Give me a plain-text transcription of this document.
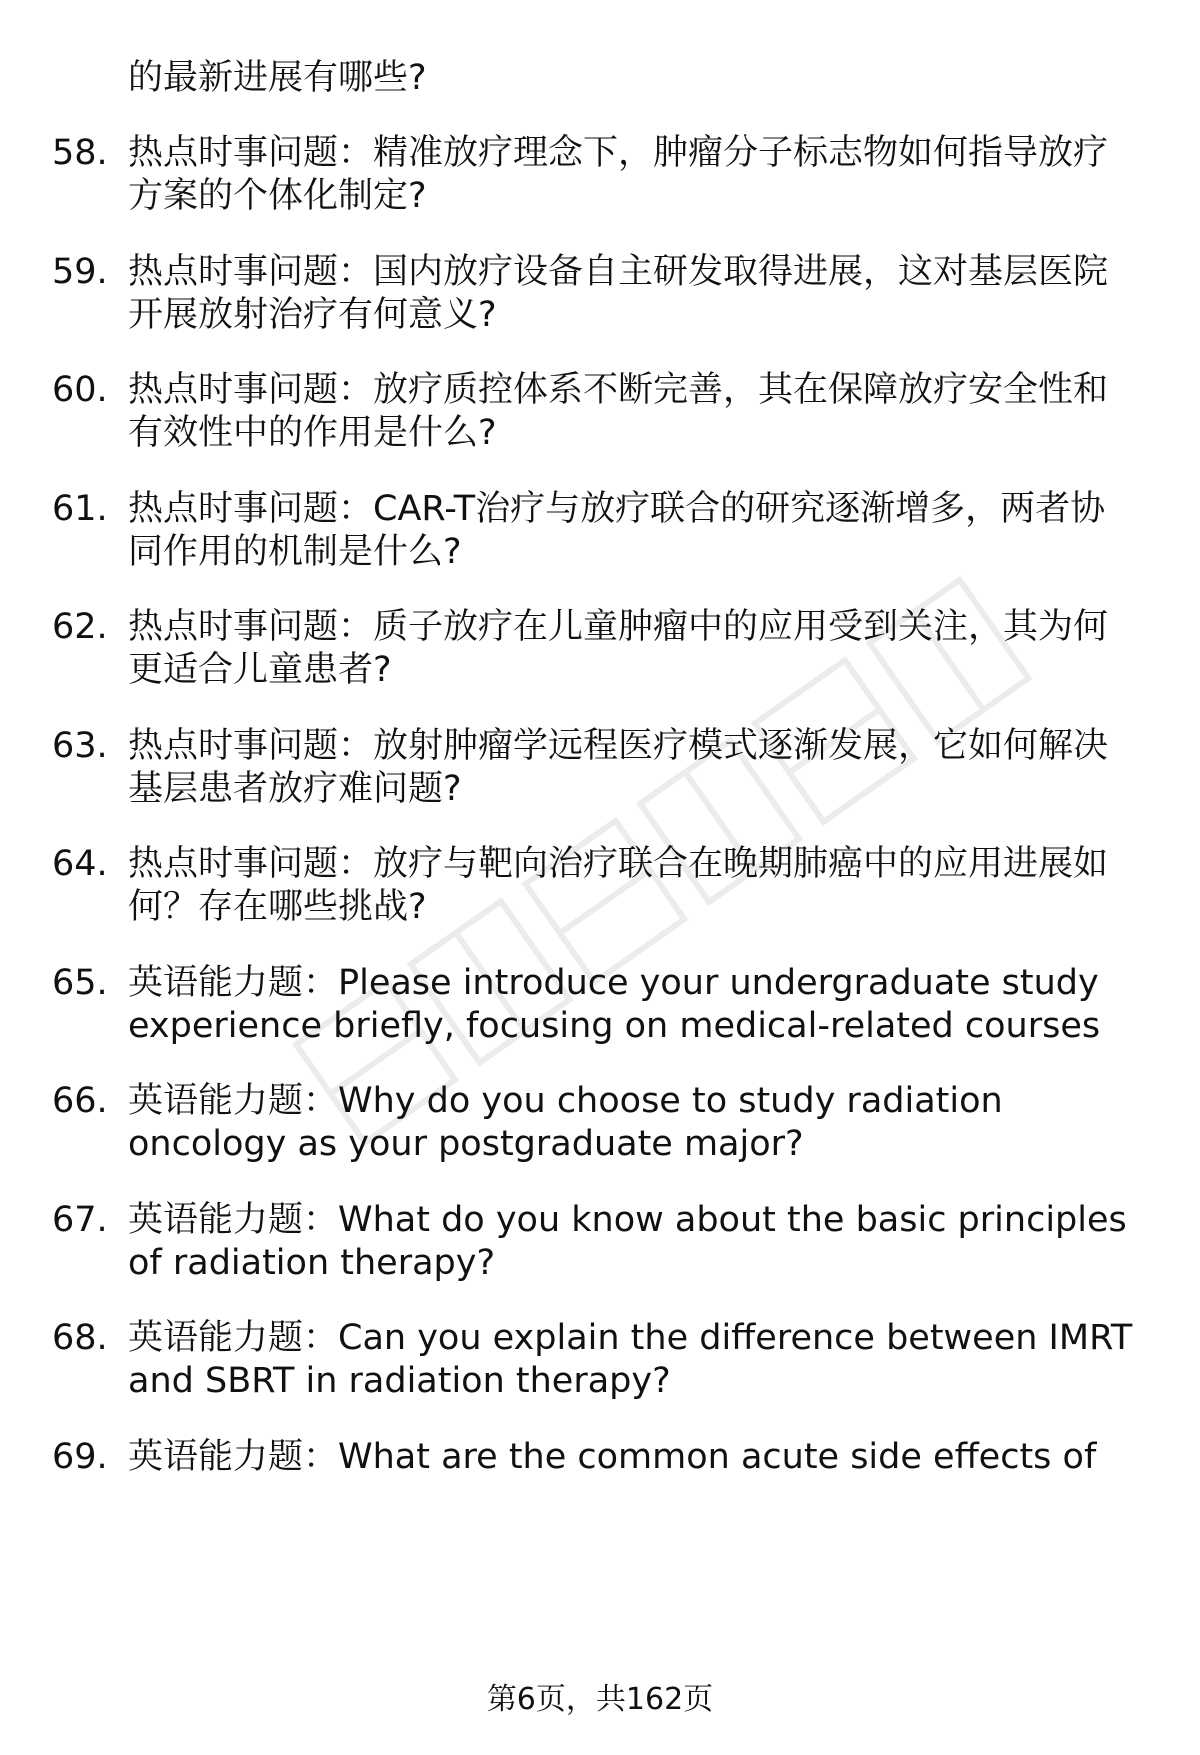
的最新进展有哪些?
58. 热点时事问题：精准放疗理念下，肿瘤分子标志物如何指导放疗
方案的个体化制定?
59. 热点时事问题：国内放疗设备自主研发取得进展，这对基层医院
开展放射治疗有何意义?
60. 热点时事问题：放疗质控体系不断完善，其在保障放疗安全性和
有效性中的作用是什么?
61. 热点时事问题：CAR-T治疗与放疗联合的研究逐渐增多，两者协
同作用的机制是什么?
62. 热点时事问题：质子放疗在儿童肿瘤中的应用受到关注，其为何
更适合儿童患者?
63. 热点时事问题：放射肿瘤学远程医疗模式逐渐发展，它如何解决
基层患者放疗难问题?
64. 热点时事问题：放疗与靶向治疗联合在晚期肺癌中的应用进展如
何？存在哪些挑战?
65. 英语能力题：Please introduce your undergraduate study
experience briefly, focusing on medical-related courses
66. 英语能力题：Why do you choose to study radiation
oncology as your postgraduate major?
67. 英语能力题：What do you know about the basic principles
of radiation therapy?
68. 英语能力题：Can you explain the difference between IMRT
and SBRT in radiation therapy?
69. 英语能力题：What are the common acute side effects of
第6页，共162页
